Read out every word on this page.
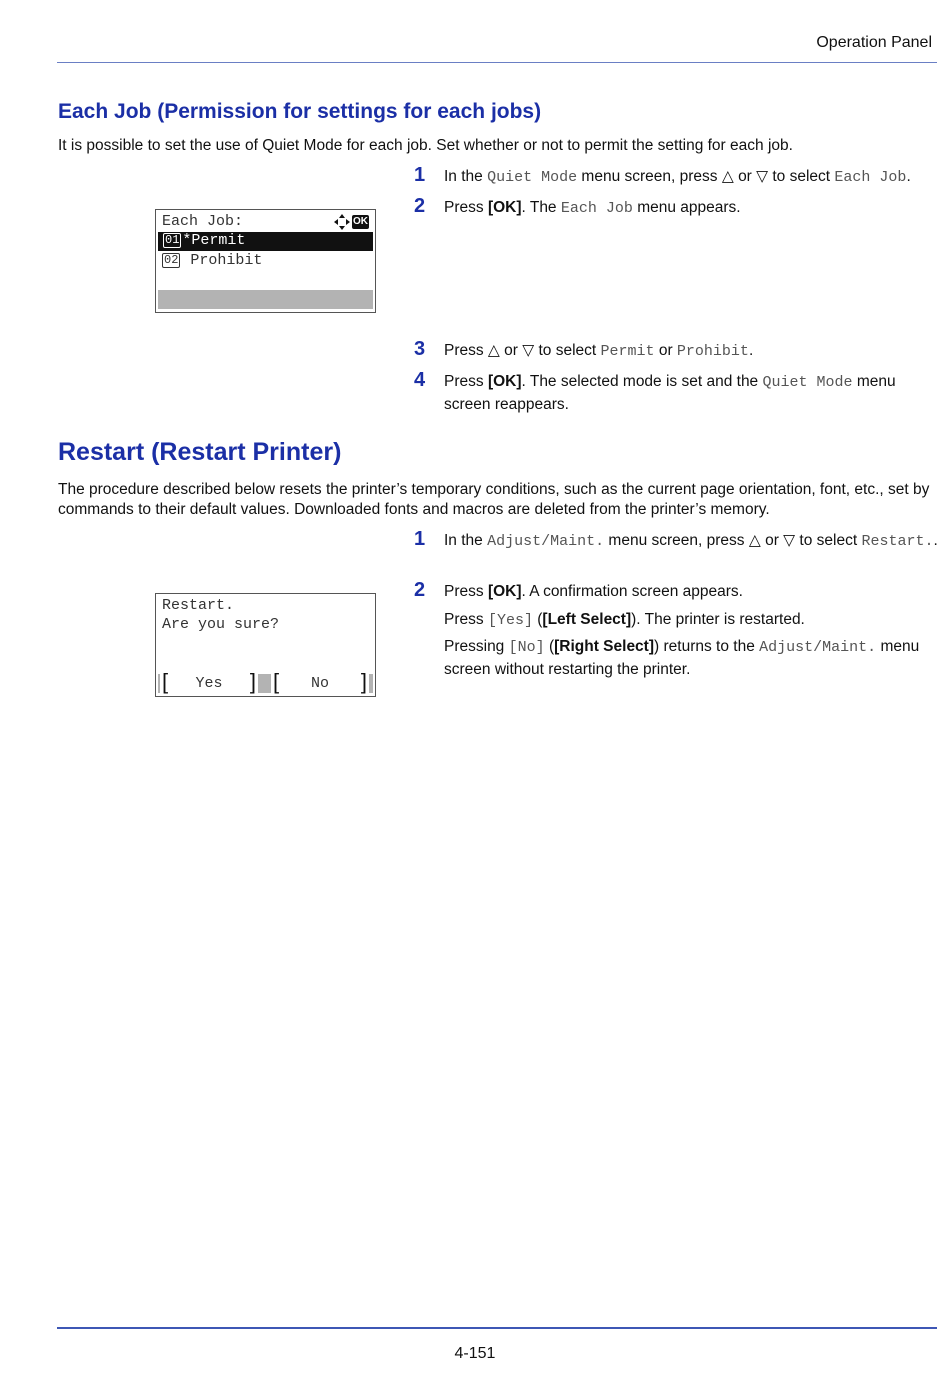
Operation Panel
Each Job (Permission for settings for each jobs)
It is possible to set the use of Quiet Mode for each job. Set whether or not to permit the setting for each job.
1	In the Quiet Mode menu screen, press △ or ▽ to select Each Job.
2	Press [OK]. The Each Job menu appears.
Each Job:	OK
01 *Permit
02 Prohibit
3	Press △ or ▽ to select Permit or Prohibit.
4	Press [OK]. The selected mode is set and the Quiet Mode menu screen reappears.
Restart (Restart Printer)
The procedure described below resets the printer’s temporary conditions, such as the current page orientation, font, etc., set by commands to their default values. Downloaded fonts and macros are deleted from the printer’s memory.
1	In the Adjust/Maint. menu screen, press △ or ▽ to select Restart..
2	Press [OK]. A confirmation screen appears.
Press [Yes] ([Left Select]). The printer is restarted.
Pressing [No] ([Right Select]) returns to the Adjust/Maint. menu screen without restarting the printer.
Restart.
Are you sure?
[ Yes ] [ No ]
4-151
